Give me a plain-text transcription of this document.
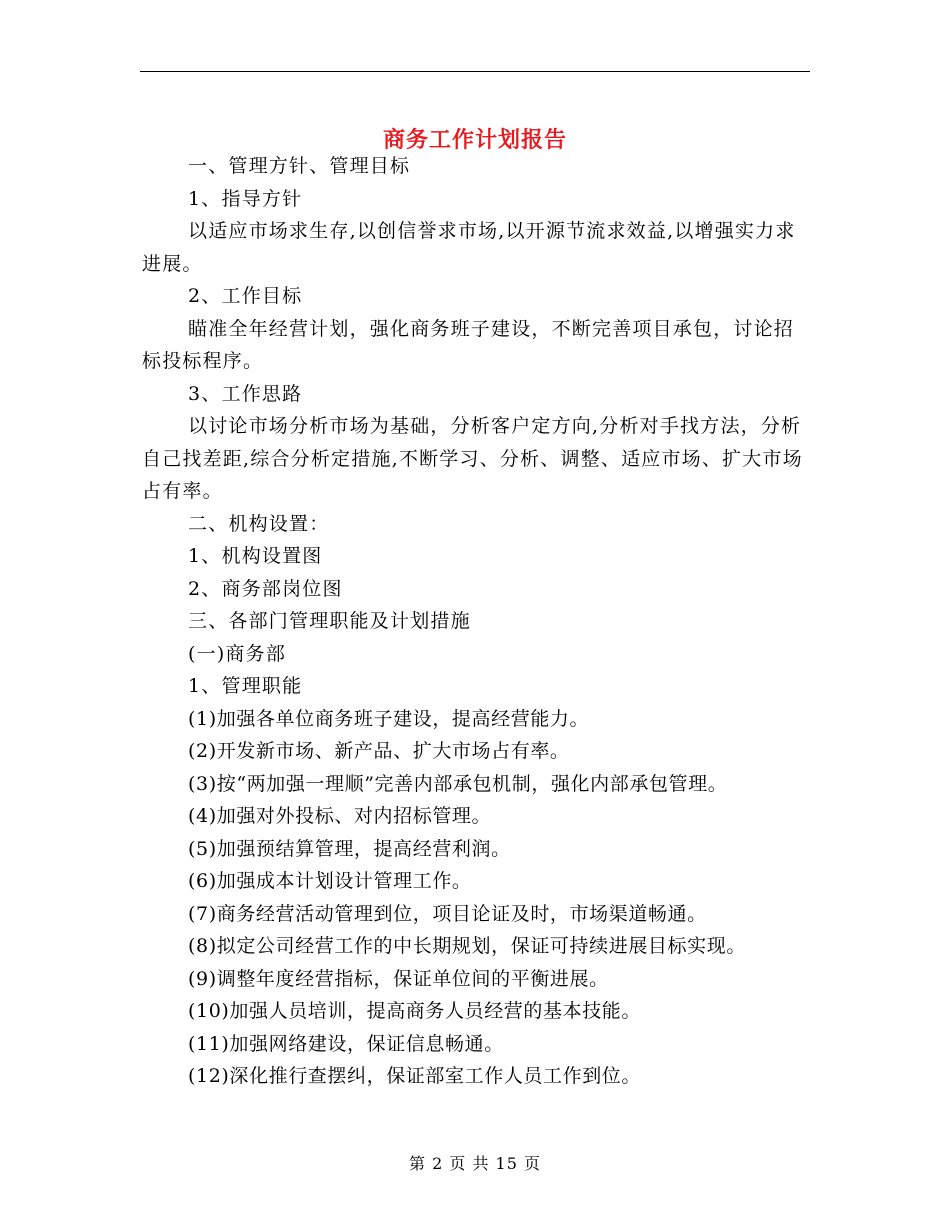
商务工作计划报告

一、管理方针、管理目标

1、指导方针

以适应市场求生存,以创信誉求市场,以开源节流求效益,以增强实力求进展。

2、工作目标

瞄准全年经营计划，强化商务班子建设，不断完善项目承包，讨论招标投标程序。

3、工作思路

以讨论市场分析市场为基础，分析客户定方向,分析对手找方法，分析自己找差距,综合分析定措施,不断学习、分析、调整、适应市场、扩大市场占有率。

二、机构设置：

1、机构设置图

2、商务部岗位图

三、各部门管理职能及计划措施

(一)商务部

1、管理职能

(1)加强各单位商务班子建设，提高经营能力。

(2)开发新市场、新产品、扩大市场占有率。

(3)按“两加强一理顺”完善内部承包机制，强化内部承包管理。

(4)加强对外投标、对内招标管理。

(5)加强预结算管理，提高经营利润。

(6)加强成本计划设计管理工作。

(7)商务经营活动管理到位，项目论证及时，市场渠道畅通。

(8)拟定公司经营工作的中长期规划，保证可持续进展目标实现。

(9)调整年度经营指标，保证单位间的平衡进展。

(10)加强人员培训，提高商务人员经营的基本技能。

(11)加强网络建设，保证信息畅通。

(12)深化推行查摆纠，保证部室工作人员工作到位。

第 2 页 共 15 页
